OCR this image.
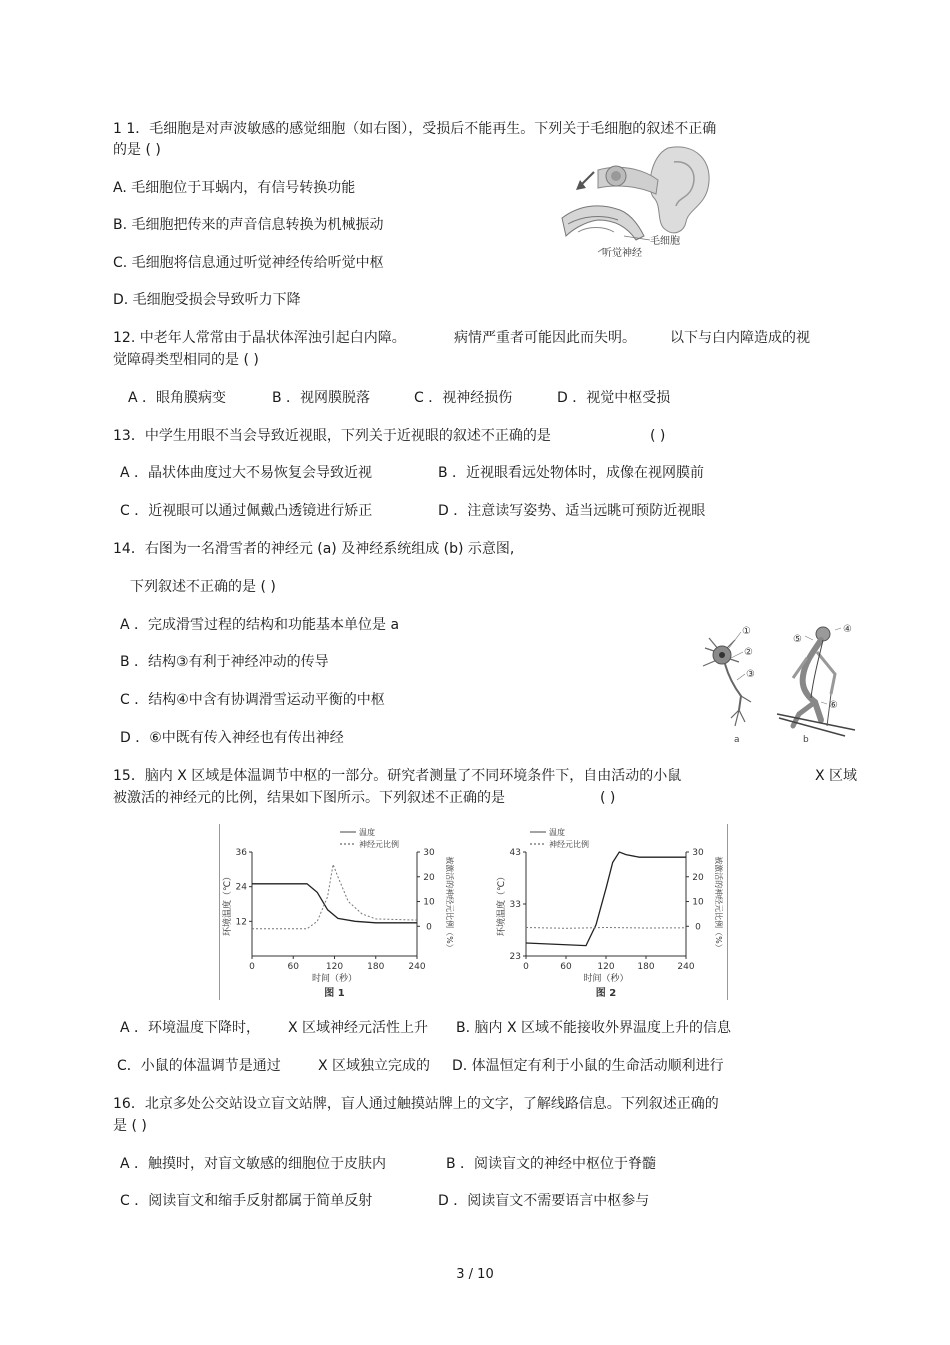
1 1．毛细胞是对声波敏感的感觉细胞（如右图），受损后不能再生。下列关于毛细胞的叙述不正确
的是 ( )
A. 毛细胞位于耳蜗内，有信号转换功能
B. 毛细胞把传来的声音信息转换为机械振动
C. 毛细胞将信息通过听觉神经传给听觉中枢
D. 毛细胞受损会导致听力下降
毛细胞
听觉神经
12. 中老年人常常由于晶状体浑浊引起白内障。	病情严重者可能因此而失明。 以下与白内障造成的视
觉障碍类型相同的是 ( )
A ．眼角膜病变	B ．视网膜脱落	C ．视神经损伤	D ．视觉中枢受损
13．中学生用眼不当会导致近视眼，下列关于近视眼的叙述不正确的是	( )
A ．晶状体曲度过大不易恢复会导致近视	B ．近视眼看远处物体时，成像在视网膜前
C ．近视眼可以通过佩戴凸透镜进行矫正	D ．注意读写姿势、适当远眺可预防近视眼
14．右图为一名滑雪者的神经元 (a) 及神经系统组成 (b) 示意图,
下列叙述不正确的是 ( )
A ．完成滑雪过程的结构和功能基本单位是 a
B ．结构③有利于神经冲动的传导
C ．结构④中含有协调滑雪运动平衡的中枢
D ．⑥中既有传入神经也有传出神经
①
②
③
a
⑤
④
⑥
b
15．脑内 X 区域是体温调节中枢的一部分。研究者测量了不同环境条件下，自由活动的小鼠	X 区域
被激活的神经元的比例，结果如下图所示。下列叙述不正确的是	( )
0	60	120	180	240
12
24
36
0
10
20
30
时间（秒）
环境温度（℃）	被激活的神经元比例（%）
图 1
温度
神经元比例
0	60	120	180	240
23
33
43
0
10
20
30
时间（秒）
环境温度（℃）	被激活的神经元比例（%）
图 2
温度
神经元比例
A ．环境温度下降时， X 区域神经元活性上升 B. 脑内 X 区域不能接收外界温度上升的信息
C．小鼠的体温调节是通过	X 区域独立完成的 D. 体温恒定有利于小鼠的生命活动顺利进行
16．北京多处公交站设立盲文站牌，盲人通过触摸站牌上的文字，了解线路信息。下列叙述正确的
是 ( )
A ．触摸时，对盲文敏感的细胞位于皮肤内	B ．阅读盲文的神经中枢位于脊髓
C ．阅读盲文和缩手反射都属于简单反射	D ．阅读盲文不需要语言中枢参与
3 / 10
